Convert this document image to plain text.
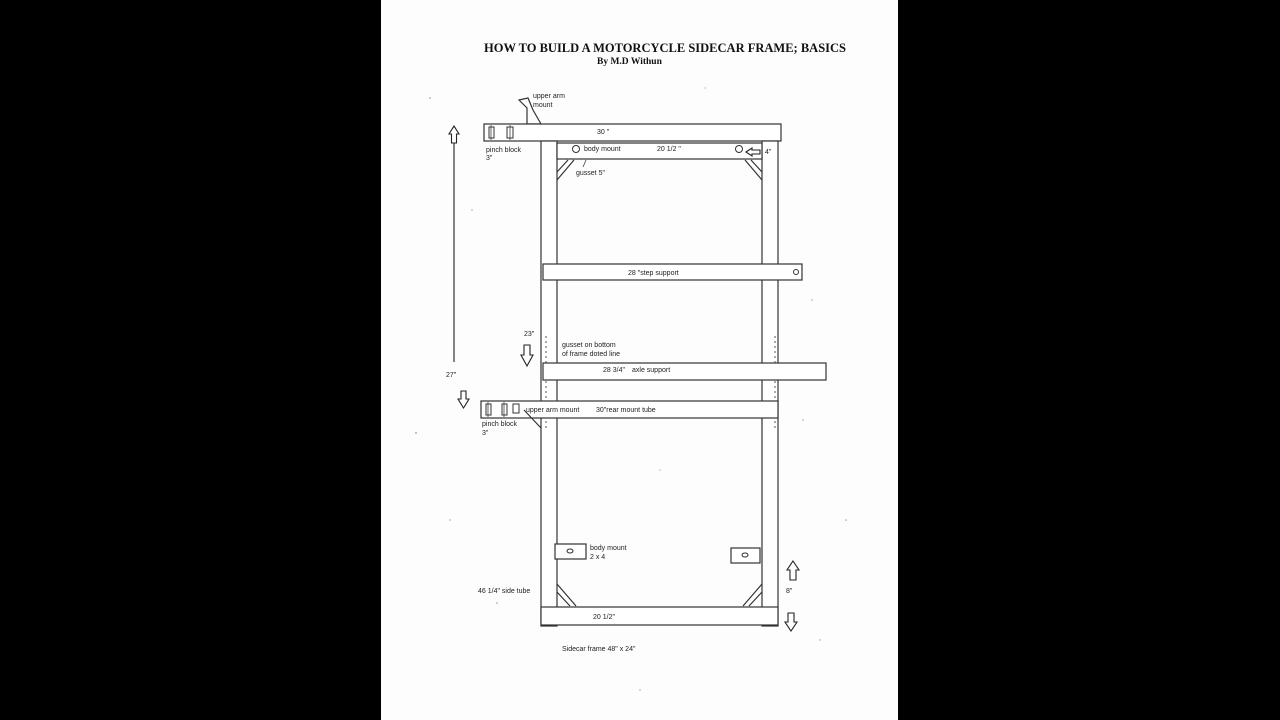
HOW TO BUILD A MOTORCYCLE SIDECAR FRAME; BASICS
By M.D Withun
upper arm
mount
30 "
pinch block
3"
body mount	20 1/2 "	4"
gusset 5"
28 "step support
27"
23"
gusset on bottom
of frame doted line
28 3/4" axle support
upper arm mount 30"rear mount tube
pinch block
3"
body mount
2 x 4
20 1/2"
8"
46 1/4" side tube
Sidecar frame 48" x 24"
